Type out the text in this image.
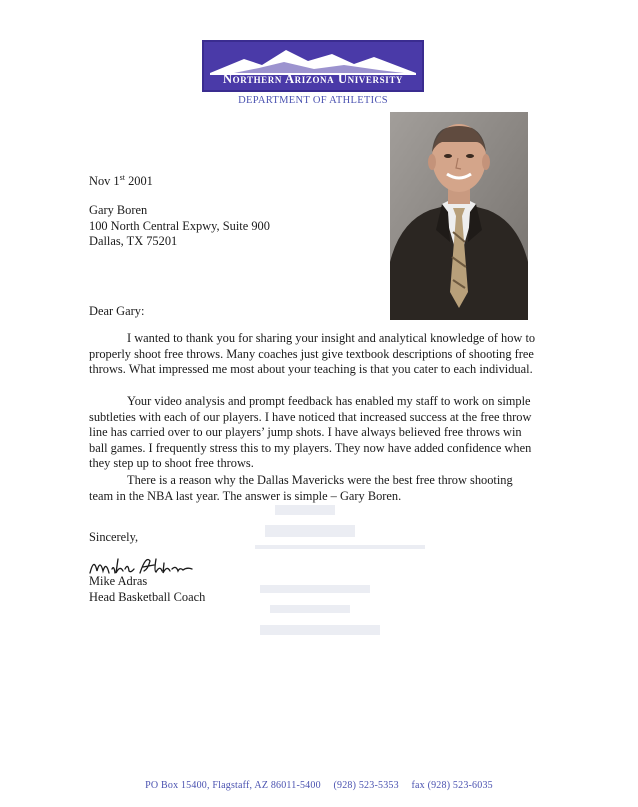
Northern Arizona University
DEPARTMENT OF ATHLETICS
Nov 1st 2001
Gary Boren
100 North Central Expwy, Suite 900
Dallas, TX 75201
Dear Gary:
I wanted to thank you for sharing your insight and analytical knowledge of how to
properly shoot free throws. Many coaches just give textbook descriptions of shooting free
throws. What impressed me most about your teaching is that you cater to each individual.
Your video analysis and prompt feedback has enabled my staff to work on simple
subtleties with each of our players. I have noticed that increased success at the free throw
line has carried over to our players’ jump shots. I have always believed free throws win
ball games. I frequently stress this to my players. They now have added confidence when
they step up to shoot free throws.
There is a reason why the Dallas Mavericks were the best free throw shooting
team in the NBA last year. The answer is simple – Gary Boren.
Sincerely,
Mike Adras
Head Basketball Coach
PO Box 15400, Flagstaff, AZ 86011-5400 (928) 523-5353 fax (928) 523-6035
